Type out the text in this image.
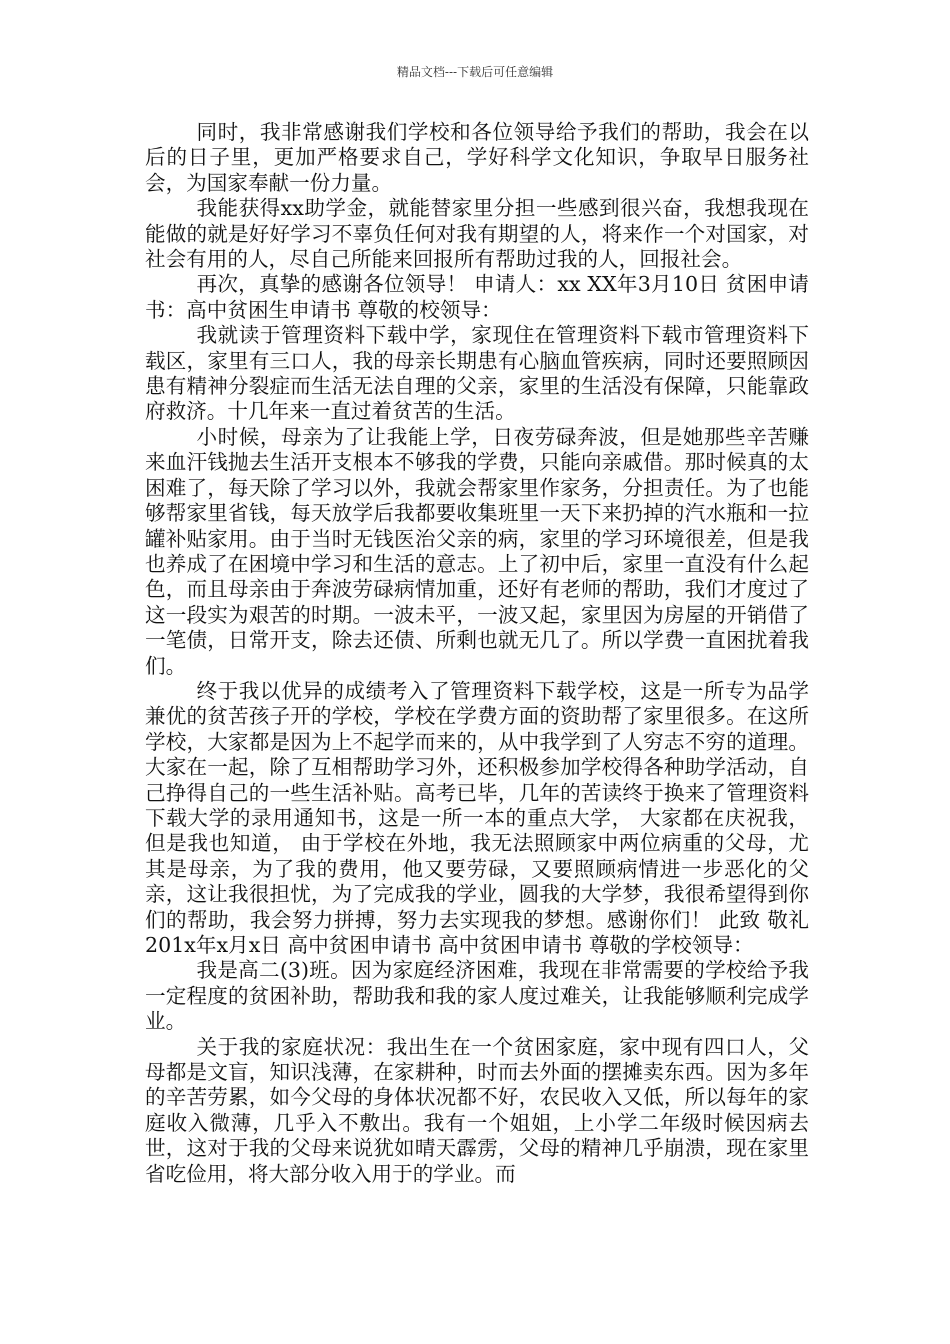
精品文档---下载后可任意编辑

同时，我非常感谢我们学校和各位领导给予我们的帮助，我会在以后的日子里，更加严格要求自己，学好科学文化知识，争取早日服务社会，为国家奉献一份力量。

我能获得xx助学金，就能替家里分担一些感到很兴奋，我想我现在能做的就是好好学习不辜负任何对我有期望的人，将来作一个对国家，对社会有用的人，尽自己所能来回报所有帮助过我的人，回报社会。

再次，真挚的感谢各位领导！ 申请人：xx XX年3月10日 贫困申请书：高中贫困生申请书 尊敬的校领导：

我就读于管理资料下载中学，家现住在管理资料下载市管理资料下载区，家里有三口人，我的母亲长期患有心脑血管疾病，同时还要照顾因患有精神分裂症而生活无法自理的父亲，家里的生活没有保障，只能靠政府救济。十几年来一直过着贫苦的生活。

小时候，母亲为了让我能上学，日夜劳碌奔波，但是她那些辛苦赚来血汗钱抛去生活开支根本不够我的学费，只能向亲戚借。那时候真的太困难了，每天除了学习以外，我就会帮家里作家务，分担责任。为了也能够帮家里省钱，每天放学后我都要收集班里一天下来扔掉的汽水瓶和一拉罐补贴家用。由于当时无钱医治父亲的病，家里的学习环境很差，但是我也养成了在困境中学习和生活的意志。上了初中后，家里一直没有什么起色，而且母亲由于奔波劳碌病情加重，还好有老师的帮助，我们才度过了这一段实为艰苦的时期。一波未平，一波又起，家里因为房屋的开销借了一笔债，日常开支，除去还债、所剩也就无几了。所以学费一直困扰着我们。

终于我以优异的成绩考入了管理资料下载学校，这是一所专为品学兼优的贫苦孩子开的学校，学校在学费方面的资助帮了家里很多。在这所学校，大家都是因为上不起学而来的，从中我学到了人穷志不穷的道理。大家在一起，除了互相帮助学习外，还积极参加学校得各种助学活动，自己挣得自己的一些生活补贴。高考已毕，几年的苦读终于换来了管理资料下载大学的录用通知书，这是一所一本的重点大学， 大家都在庆祝我，但是我也知道， 由于学校在外地，我无法照顾家中两位病重的父母，尤其是母亲，为了我的费用，他又要劳碌，又要照顾病情进一步恶化的父亲，这让我很担忧，为了完成我的学业，圆我的大学梦，我很希望得到你们的帮助，我会努力拼搏，努力去实现我的梦想。感谢你们！ 此致 敬礼 201x年x月x日 高中贫困申请书 高中贫困申请书 尊敬的学校领导：

我是高二(3)班。因为家庭经济困难，我现在非常需要的学校给予我一定程度的贫困补助，帮助我和我的家人度过难关，让我能够顺利完成学业。

关于我的家庭状况：我出生在一个贫困家庭，家中现有四口人，父母都是文盲，知识浅薄，在家耕种，时而去外面的摆摊卖东西。因为多年的辛苦劳累，如今父母的身体状况都不好，农民收入又低，所以每年的家庭收入微薄，几乎入不敷出。我有一个姐姐，上小学二年级时候因病去世，这对于我的父母来说犹如晴天霹雳，父母的精神几乎崩溃，现在家里省吃俭用，将大部分收入用于的学业。而
